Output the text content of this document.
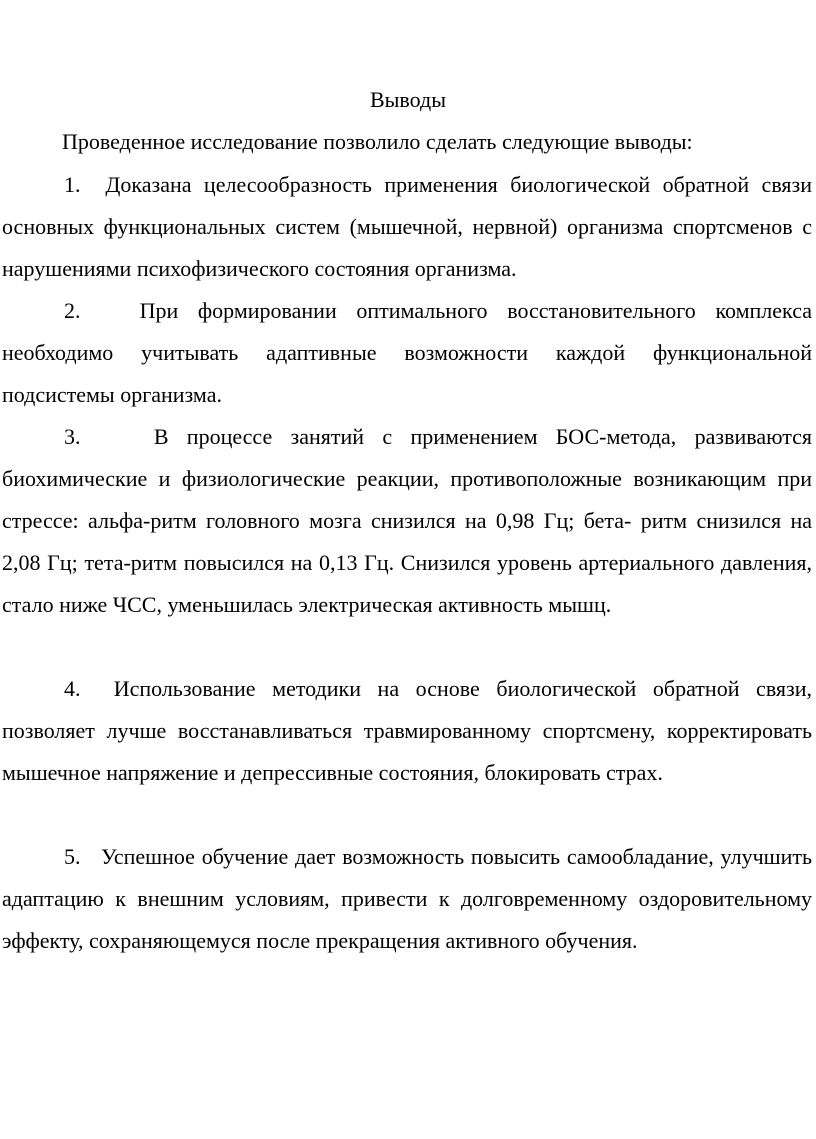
Выводы

Проведенное исследование позволило сделать следующие выводы:

1. Доказана целесообразность применения биологической обратной связи основных функциональных систем (мышечной, нервной) организма спортсменов с нарушениями психофизического состояния организма.

2.	При формировании оптимального восстановительного комплекса необходимо учитывать адаптивные возможности каждой функциональной подсистемы организма.

3.	В процессе занятий с применением БОС-метода, развиваются биохимические и физиологические реакции, противоположные возникающим при стрессе: альфа-ритм головного мозга снизился на 0,98 Гц; бета- ритм снизился на 2,08 Гц; тета-ритм повысился на 0,13 Гц. Снизился уровень артериального давления, стало ниже ЧСС, уменьшилась электрическая активность мышц.

4. Использование методики на основе биологической обратной связи, позволяет лучше восстанавливаться травмированному спортсмену, корректировать мышечное напряжение и депрессивные состояния, блокировать страх.

5. Успешное обучение дает возможность повысить самообладание, улучшить адаптацию к внешним условиям, привести к долговременному оздоровительному эффекту, сохраняющемуся после прекращения активного обучения.
